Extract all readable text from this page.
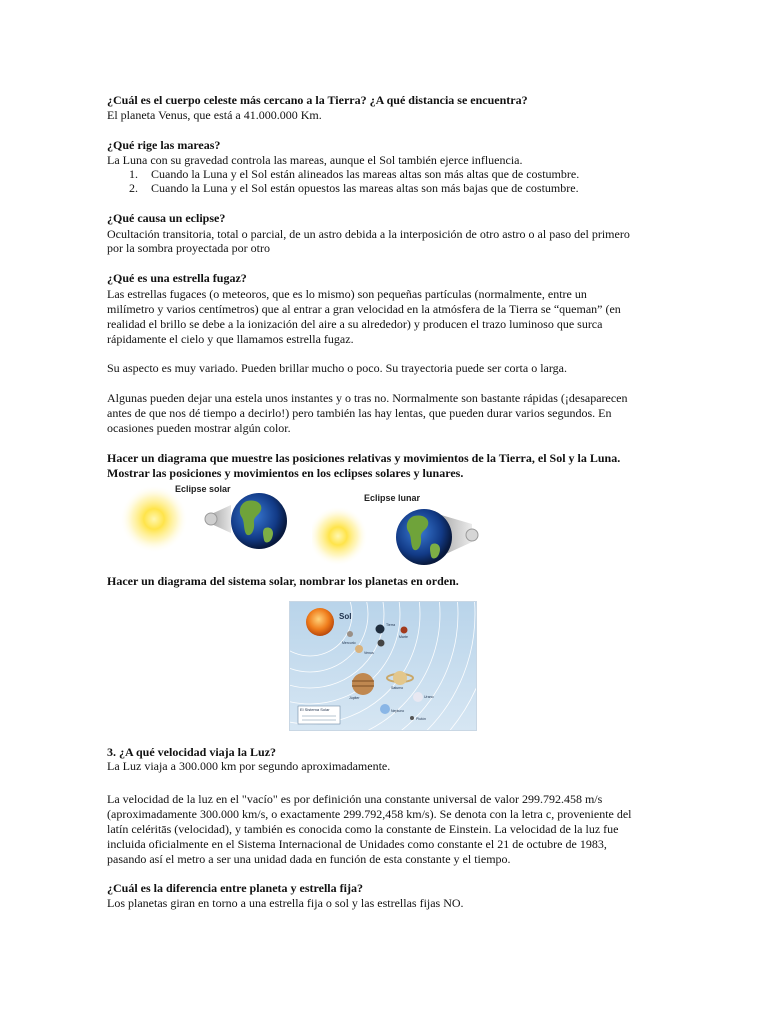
¿Cuál es el cuerpo celeste más cercano a la Tierra? ¿A qué distancia se encuentra?
El planeta Venus, que está a 41.000.000 Km.
¿Qué rige las mareas?
La Luna con su gravedad controla las mareas, aunque el Sol también ejerce influencia.
1. Cuando la Luna y el Sol están alineados las mareas altas son más altas que de costumbre.
2. Cuando la Luna y el Sol están opuestos las mareas altas son más bajas que de costumbre.
¿Qué causa un eclipse?
Ocultación transitoria, total o parcial, de un astro debida a la interposición de otro astro o al paso del primero
por la sombra proyectada por otro
¿Qué es una estrella fugaz?
Las estrellas fugaces (o meteoros, que es lo mismo) son pequeñas partículas (normalmente, entre un
milímetro y varios centímetros) que al entrar a gran velocidad en la atmósfera de la Tierra se “queman” (en
realidad el brillo se debe a la ionización del aire a su alrededor) y producen el trazo luminoso que surca
rápidamente el cielo y que llamamos estrella fugaz.
Su aspecto es muy variado. Pueden brillar mucho o poco. Su trayectoria puede ser corta o larga.
Algunas pueden dejar una estela unos instantes y o tras no. Normalmente son bastante rápidas (¡desaparecen
antes de que nos dé tiempo a decirlo!) pero también las hay lentas, que pueden durar varios segundos. En
ocasiones pueden mostrar algún color.
Hacer un diagrama que muestre las posiciones relativas y movimientos de la Tierra, el Sol y la Luna.
Mostrar las posiciones y movimientos en los eclipses solares y lunares.
Eclipse solar
Eclipse lunar
Hacer un diagrama del sistema solar, nombrar los planetas en orden.
Sol
Mercurio
Venus
Tierra
Marte
Júpiter
Saturno
Urano
Neptuno
Plutón
El Sistema Solar
3. ¿A qué velocidad viaja la Luz?
La Luz viaja a 300.000 km por segundo aproximadamente.
La velocidad de la luz en el "vacío" es por definición una constante universal de valor 299.792.458 m/s
(aproximadamente 300.000 km/s, o exactamente 299.792,458 km/s). Se denota con la letra c, proveniente del
latín celéritās (velocidad), y también es conocida como la constante de Einstein. La velocidad de la luz fue
incluida oficialmente en el Sistema Internacional de Unidades como constante el 21 de octubre de 1983,
pasando así el metro a ser una unidad dada en función de esta constante y el tiempo.
¿Cuál es la diferencia entre planeta y estrella fija?
Los planetas giran en torno a una estrella fija o sol y las estrellas fijas NO.
